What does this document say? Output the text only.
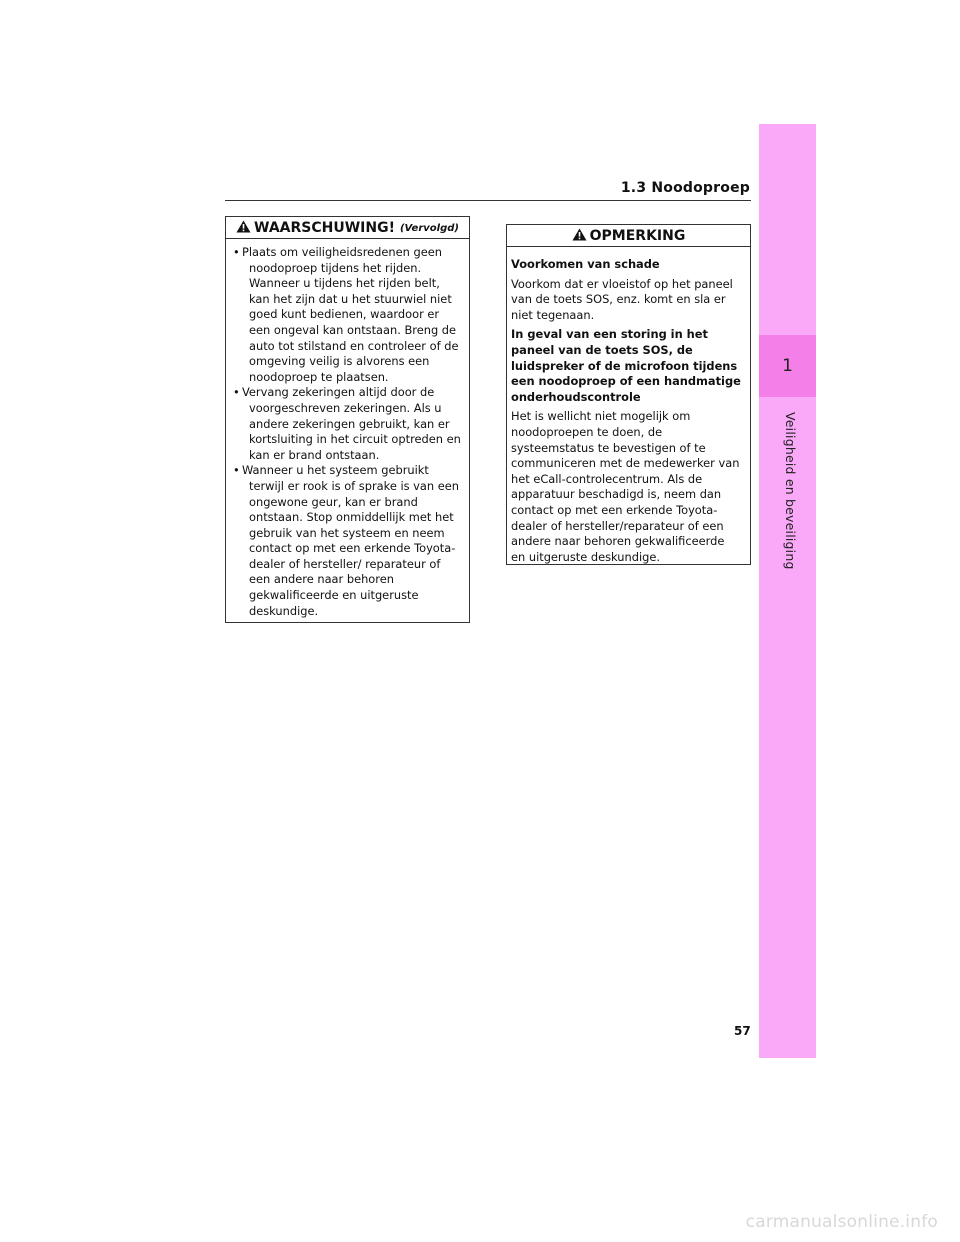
1.3 Noodoproep
1
Veiligheid en beveiliging
WAARSCHUWING! (Vervolgd)
• Plaats om veiligheidsredenen geen noodoproep tijdens het rijden. Wanneer u tijdens het rijden belt, kan het zijn dat u het stuurwiel niet goed kunt bedienen, waardoor er een ongeval kan ontstaan. Breng de auto tot stilstand en controleer of de omgeving veilig is alvorens een noodoproep te plaatsen.
• Vervang zekeringen altijd door de voorgeschreven zekeringen. Als u andere zekeringen gebruikt, kan er kortsluiting in het circuit optreden en kan er brand ontstaan.
• Wanneer u het systeem gebruikt terwijl er rook is of sprake is van een ongewone geur, kan er brand ontstaan. Stop onmiddellijk met het gebruik van het systeem en neem contact op met een erkende Toyota-dealer of hersteller/ reparateur of een andere naar behoren gekwalificeerde en uitgeruste deskundige.
OPMERKING

Voorkomen van schade

Voorkom dat er vloeistof op het paneel van de toets SOS, enz. komt en sla er niet tegenaan.

In geval van een storing in het paneel van de toets SOS, de luidspreker of de microfoon tijdens een noodoproep of een handmatige onderhoudscontrole

Het is wellicht niet mogelijk om noodoproepen te doen, de systeemstatus te bevestigen of te communiceren met de medewerker van het eCall-controlecentrum. Als de apparatuur beschadigd is, neem dan contact op met een erkende Toyota-dealer of hersteller/reparateur of een andere naar behoren gekwalificeerde en uitgeruste deskundige.

57
carmanualsonline.info
